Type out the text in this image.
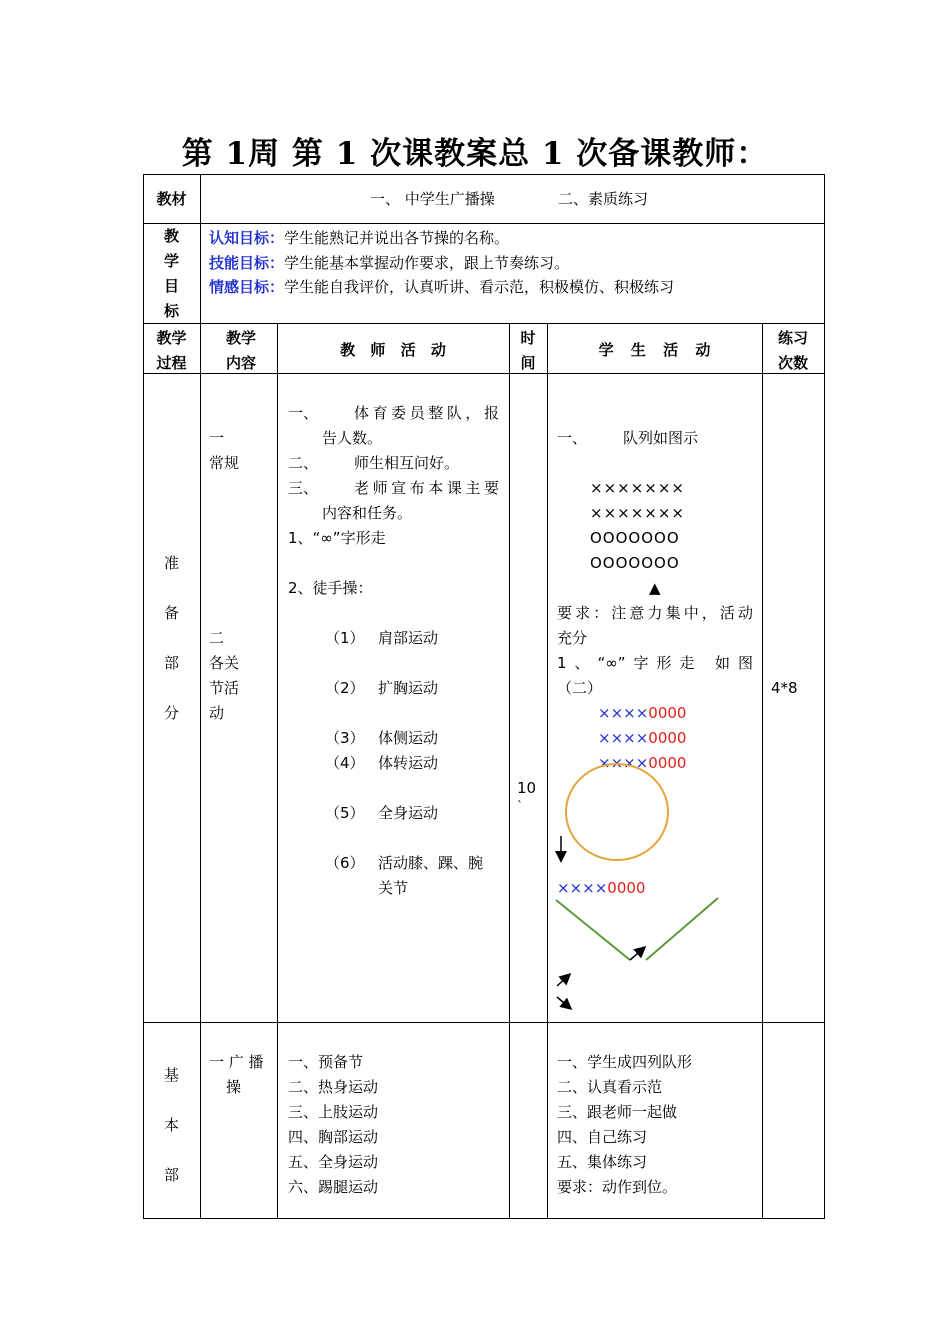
第 1周 第 1 次课教案总 1 次备课教师：
教材	一、 中学生广播操	二、素质练习
教
学
目
标
认知目标：学生能熟记并说出各节操的名称。
技能目标：学生能基本掌握动作要求，跟上节奏练习。
情感目标：学生能自我评价，认真听讲、看示范，积极模仿、积极练习
教学
过程
教学
内容
教 师 活 动
时
间
学 生 活 动
练习
次数
准
备
部
分
一
常规
二
各关
节活
动
一、 体育委员整队，报
告人数。
二、 师生相互问好。
三、 老师宣布本课主要
内容和任务。
1、“∞”字形走
2、徒手操：
（1） 肩部运动
（2） 扩胸运动
（3） 体侧运动
（4） 体转运动
（5） 全身运动
（6） 活动膝、踝、腕
关节
10
`
一、 队列如图示
×××××××
×××××××
OOOOOOO
OOOOOOO
▲
要求：注意力集中，活动
充分
1、“∞”字形走 如图
（二）
××××0000
××××0000
××××0000
××××0000
4*8
基
本
部
一 广 播
操
一、预备节
二、热身运动
三、上肢运动
四、胸部运动
五、全身运动
六、踢腿运动
一、学生成四列队形
二、认真看示范
三、跟老师一起做
四、自己练习
五、集体练习
要求：动作到位。
